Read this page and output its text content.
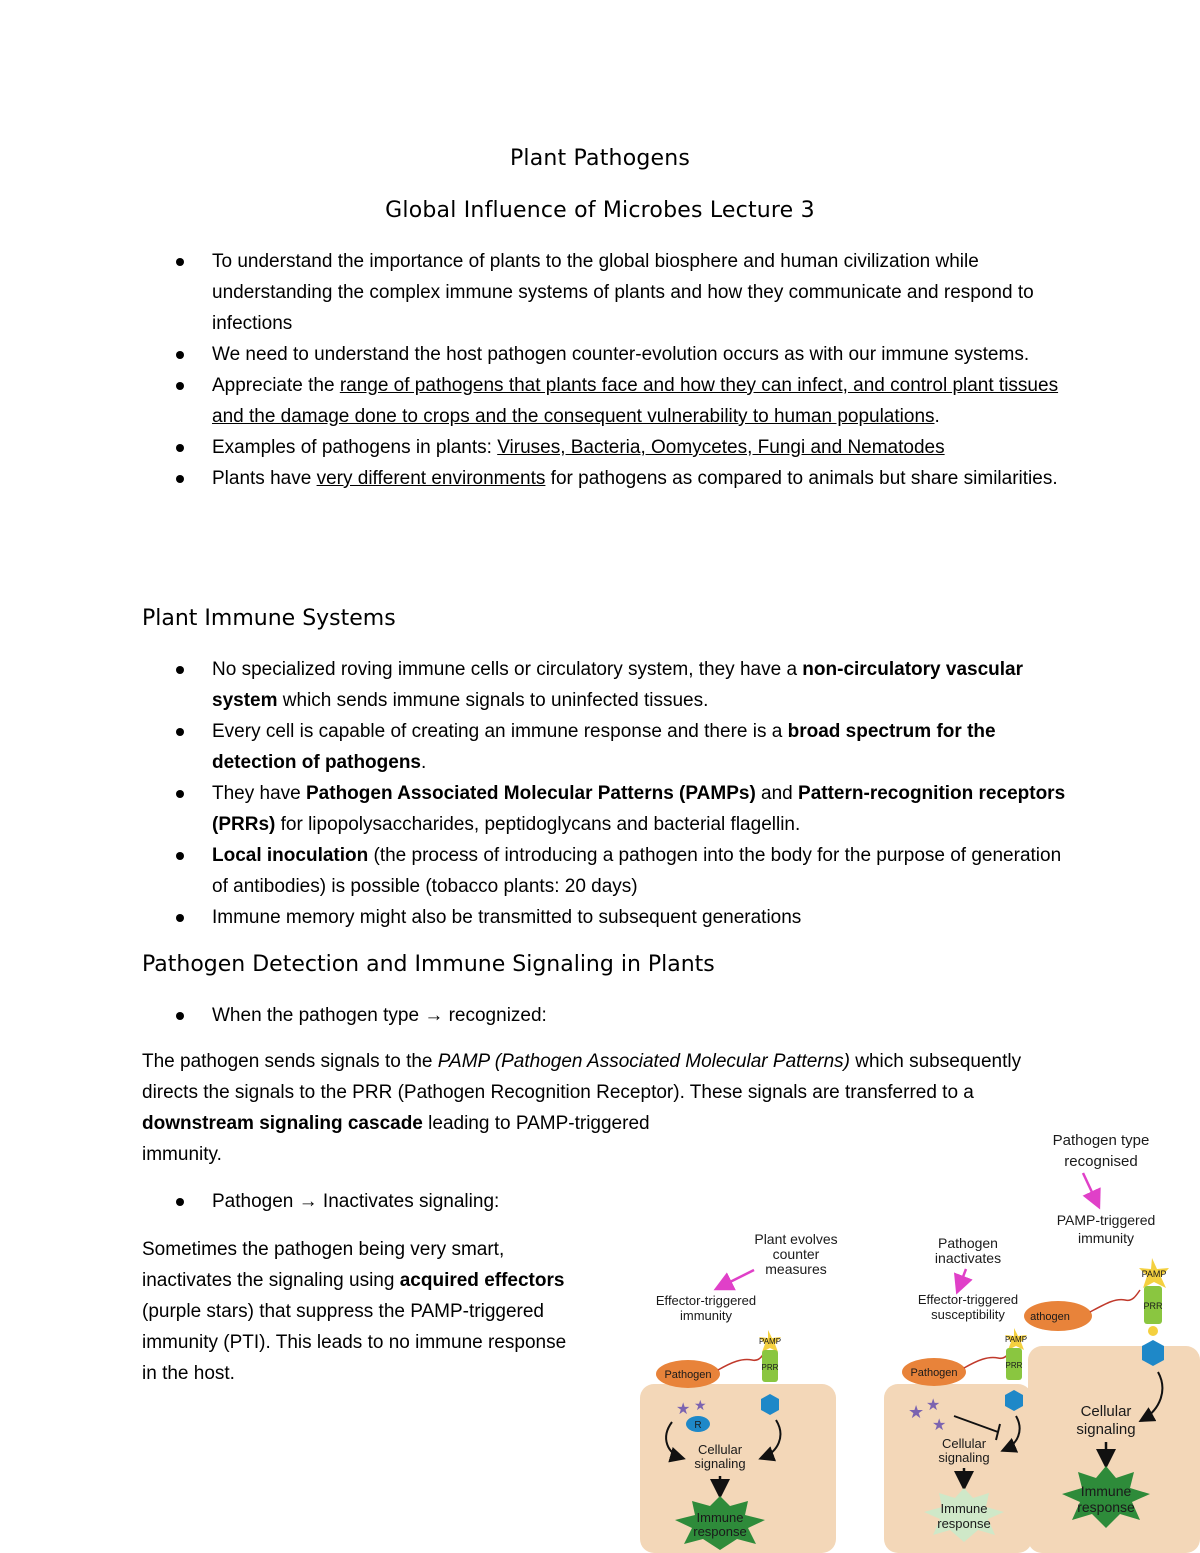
Plant Pathogens
Global Influence of Microbes Lecture 3
To understand the importance of plants to the global biosphere and human civilization while understanding the complex immune systems of plants and how they communicate and respond to infections
We need to understand the host pathogen counter-evolution occurs as with our immune systems.
Appreciate the range of pathogens that plants face and how they can infect, and control plant tissues and the damage done to crops and the consequent vulnerability to human populations.
Examples of pathogens in plants: Viruses, Bacteria, Oomycetes, Fungi and Nematodes
Plants have very different environments for pathogens as compared to animals but share similarities.
Plant Immune Systems
No specialized roving immune cells or circulatory system, they have a non-circulatory vascular system which sends immune signals to uninfected tissues.
Every cell is capable of creating an immune response and there is a broad spectrum for the detection of pathogens.
They have Pathogen Associated Molecular Patterns (PAMPs) and Pattern-recognition receptors (PRRs) for lipopolysaccharides, peptidoglycans and bacterial flagellin.
Local inoculation (the process of introducing a pathogen into the body for the purpose of generation of antibodies) is possible (tobacco plants: 20 days)
Immune memory might also be transmitted to subsequent generations
Pathogen Detection and Immune Signaling in Plants
When the pathogen type → recognized:

The pathogen sends signals to the PAMP (Pathogen Associated Molecular Patterns) which subsequently directs the signals to the PRR (Pathogen Recognition Receptor). These signals are transferred to a downstream signaling cascade leading to PAMP-triggered
immunity.

Pathogen → Inactivates signaling:

Sometimes the pathogen being very smart,
inactivates the signaling using acquired effectors
(purple stars) that suppress the PAMP-triggered
immunity (PTI). This leads to no immune response
in the host.

Pathogen type
recognised
PAMP-triggered
immunity
athogen
PAMP
PRR
Cellular
signaling
Immune
response
Pathogen
inactivates
Effector-triggered
susceptibility
Pathogen
PAMP
PRR
★ ★
★
Cellular
signaling
Immune
response
Plant evolves
counter
measures
Effector-triggered
immunity
Pathogen
PAMP
PRR
★ ★
R
Cellular
signaling
Immune
response
